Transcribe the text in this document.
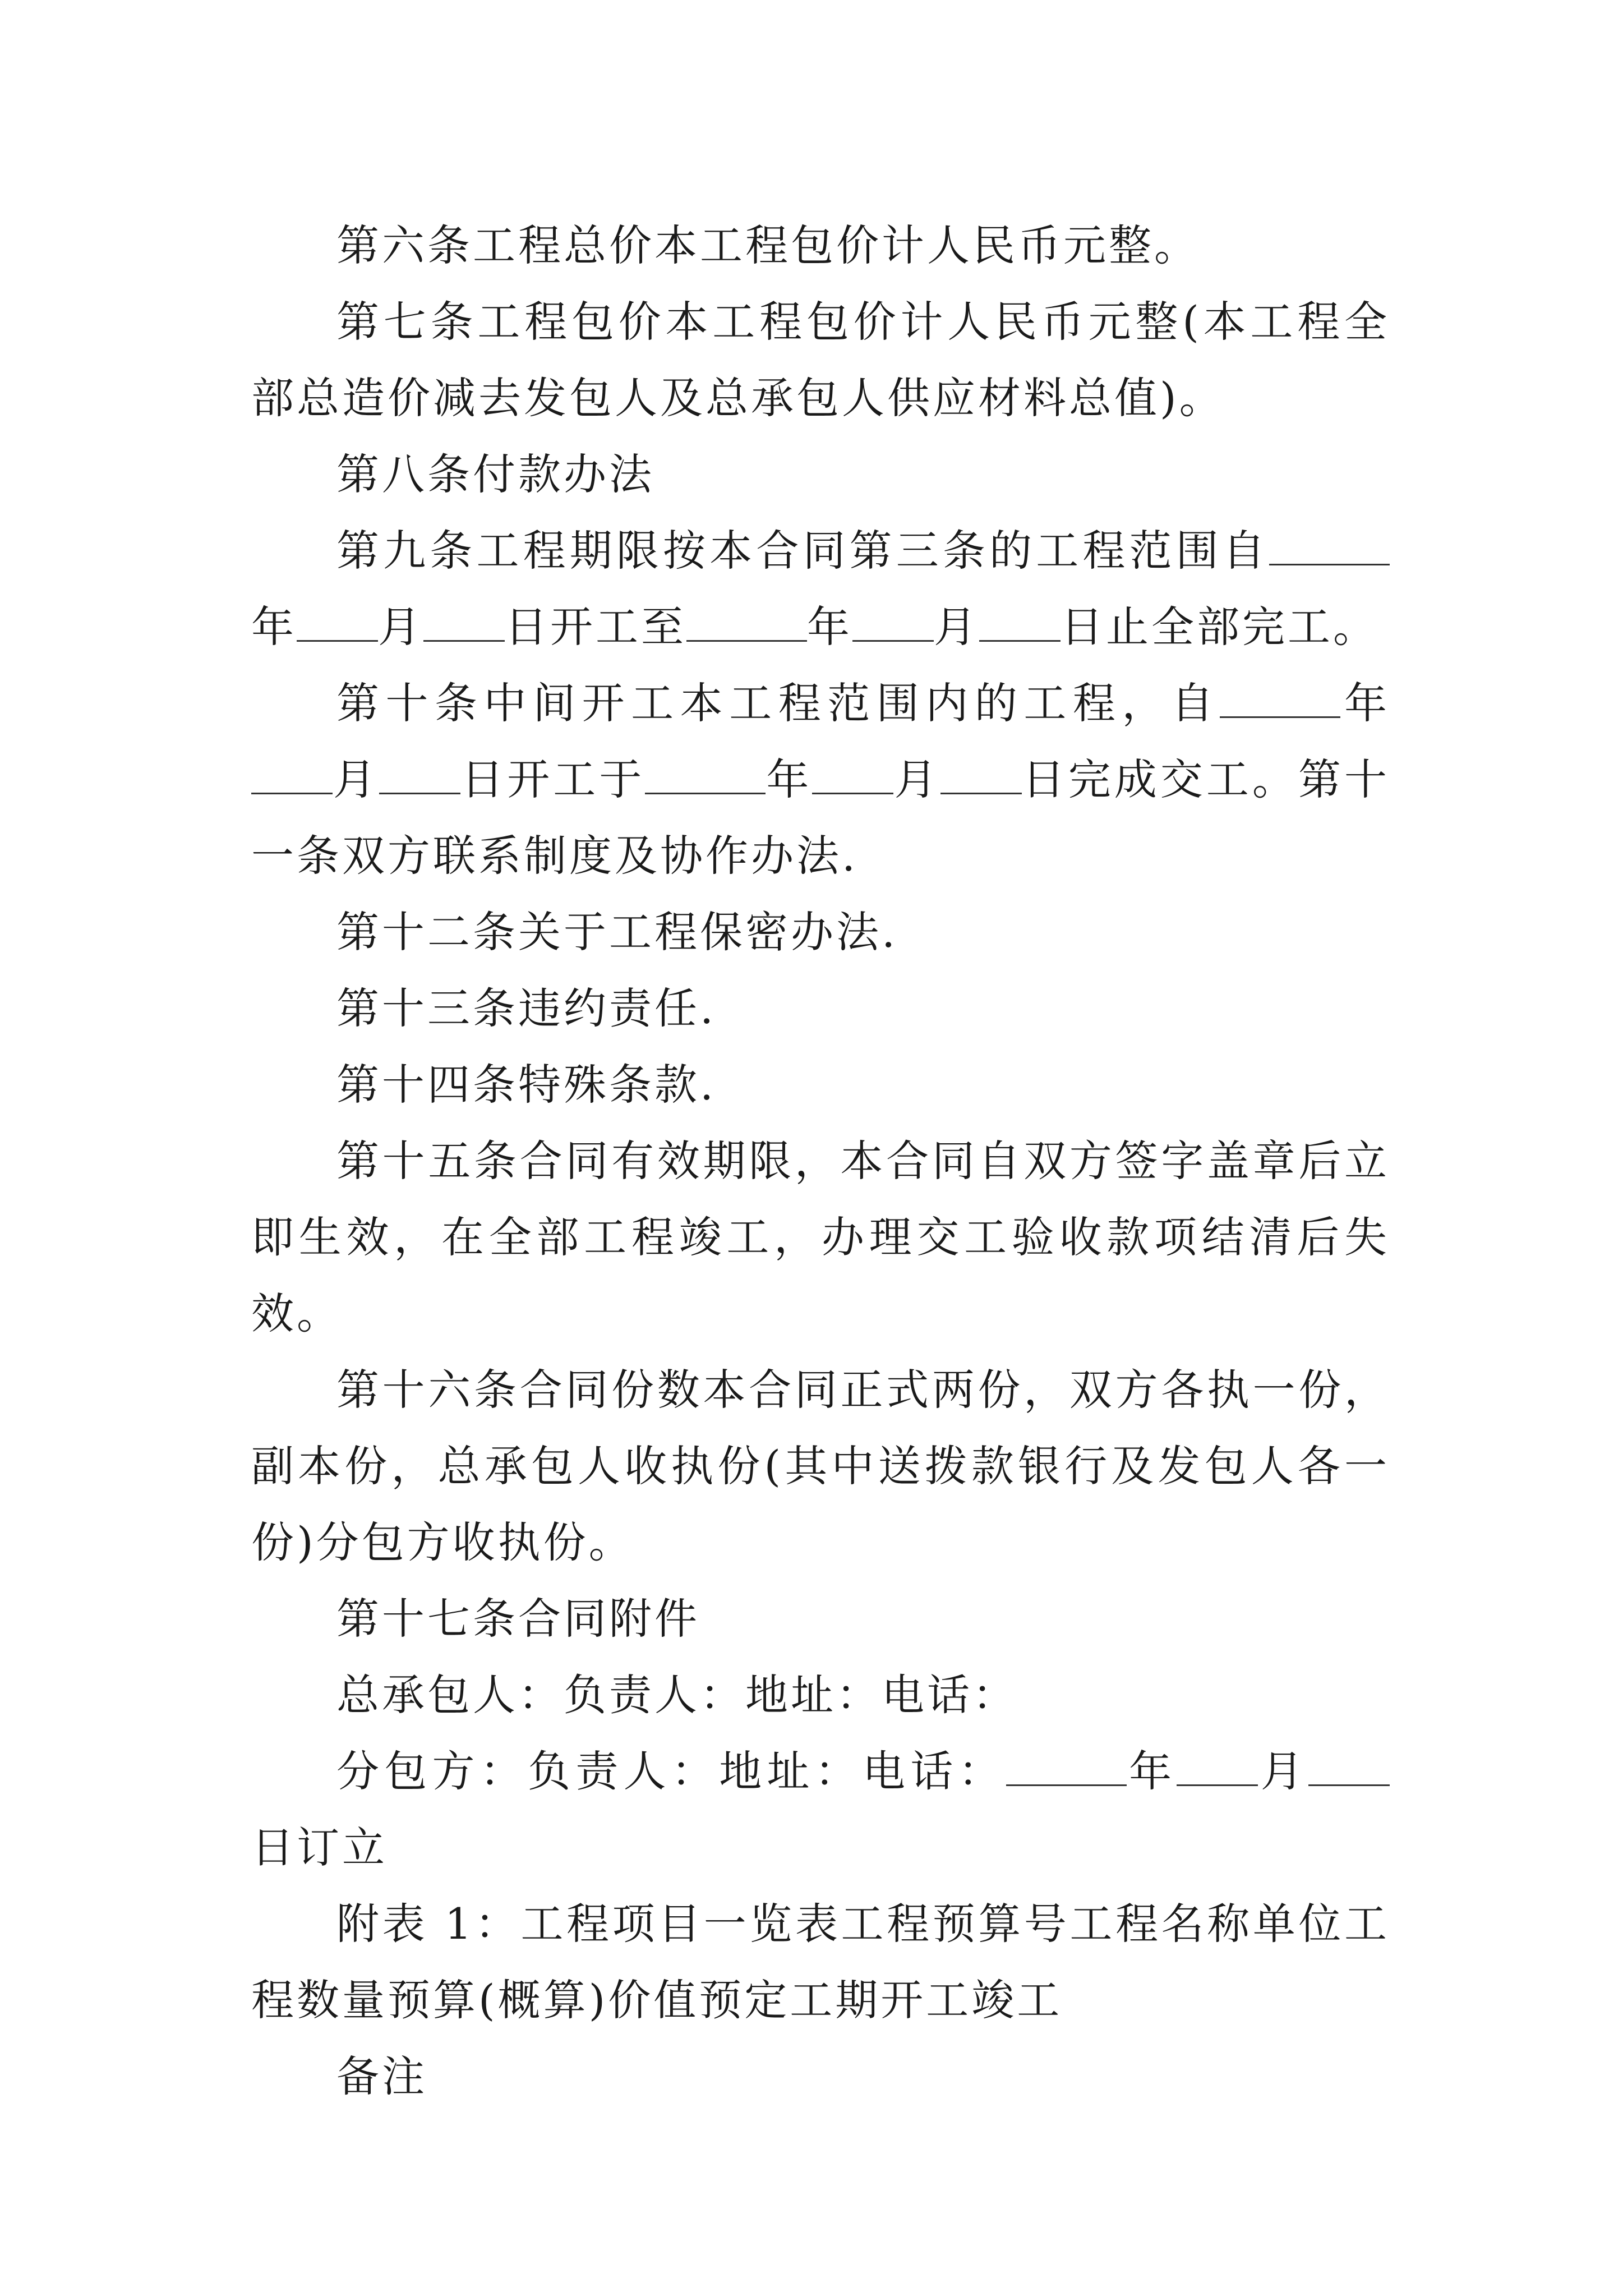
第六条工程总价本工程包价计人民币元整。

第七条工程包价本工程包价计人民币元整(本工程全部总造价减去发包人及总承包人供应材料总值)。

第八条付款办法

第九条工程期限按本合同第三条的工程范围自年 月 日开工至	年 月 日止全部完工。

第十条中间开工本工程范围内的工程，自	年月 日开工于	年 月 日完成交工。第十一条双方联系制度及协作办法.

第十二条关于工程保密办法.

第十三条违约责任.

第十四条特殊条款.

第十五条合同有效期限，本合同自双方签字盖章后立即生效，在全部工程竣工，办理交工验收款项结清后失效。

第十六条合同份数本合同正式两份，双方各执一份，副本份，总承包人收执份(其中送拨款银行及发包人各一份)分包方收执份。

第十七条合同附件

总承包人：负责人：地址：电话：

分包方：负责人：地址：电话：	年 月日订立

附表 1：工程项目一览表工程预算号工程名称单位工程数量预算(概算)价值预定工期开工竣工

备注
